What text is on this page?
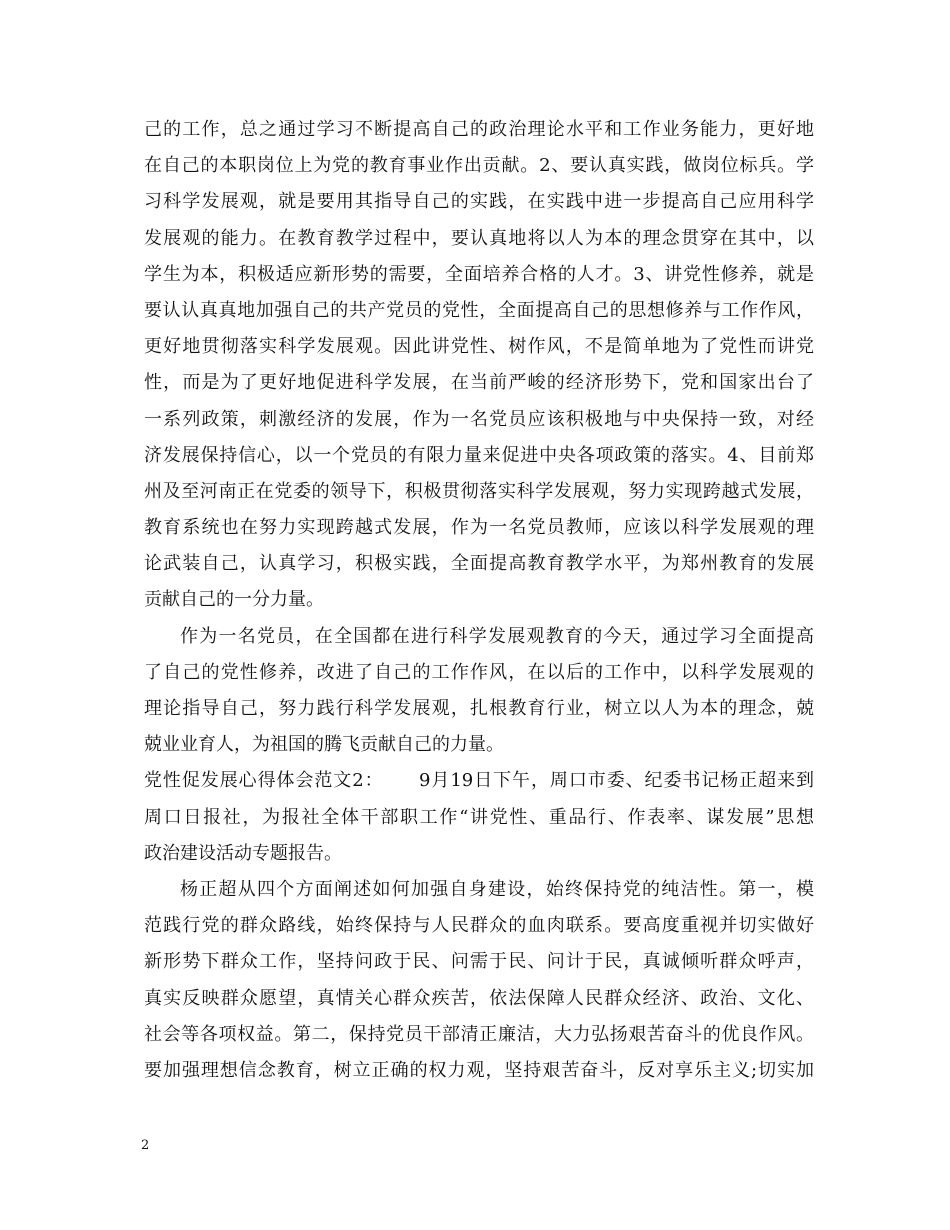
己的工作，总之通过学习不断提高自己的政治理论水平和工作业务能力，更好地
在自己的本职岗位上为党的教育事业作出贡献。2、要认真实践，做岗位标兵。学
习科学发展观，就是要用其指导自己的实践，在实践中进一步提高自己应用科学
发展观的能力。在教育教学过程中，要认真地将以人为本的理念贯穿在其中，以
学生为本，积极适应新形势的需要，全面培养合格的人才。3、讲党性修养，就是
要认认真真地加强自己的共产党员的党性，全面提高自己的思想修养与工作作风，
更好地贯彻落实科学发展观。因此讲党性、树作风，不是简单地为了党性而讲党
性，而是为了更好地促进科学发展，在当前严峻的经济形势下，党和国家出台了
一系列政策，刺激经济的发展，作为一名党员应该积极地与中央保持一致，对经
济发展保持信心，以一个党员的有限力量来促进中央各项政策的落实。4、目前郑
州及至河南正在党委的领导下，积极贯彻落实科学发展观，努力实现跨越式发展，
教育系统也在努力实现跨越式发展，作为一名党员教师，应该以科学发展观的理
论武装自己，认真学习，积极实践，全面提高教育教学水平，为郑州教育的发展
贡献自己的一分力量。
作为一名党员，在全国都在进行科学发展观教育的今天，通过学习全面提高
了自己的党性修养，改进了自己的工作作风，在以后的工作中，以科学发展观的
理论指导自己，努力践行科学发展观，扎根教育行业，树立以人为本的理念，兢
兢业业育人，为祖国的腾飞贡献自己的力量。
党性促发展心得体会范文2：　　 9月19日下午，周口市委、纪委书记杨正超来到
周口日报社，为报社全体干部职工作“讲党性、重品行、作表率、谋发展”思想
政治建设活动专题报告。
杨正超从四个方面阐述如何加强自身建设，始终保持党的纯洁性。第一，模
范践行党的群众路线，始终保持与人民群众的血肉联系。要高度重视并切实做好
新形势下群众工作，坚持问政于民、问需于民、问计于民，真诚倾听群众呼声，
真实反映群众愿望，真情关心群众疾苦，依法保障人民群众经济、政治、文化、
社会等各项权益。第二，保持党员干部清正廉洁，大力弘扬艰苦奋斗的优良作风。
要加强理想信念教育，树立正确的权力观，坚持艰苦奋斗，反对享乐主义;切实加
2
